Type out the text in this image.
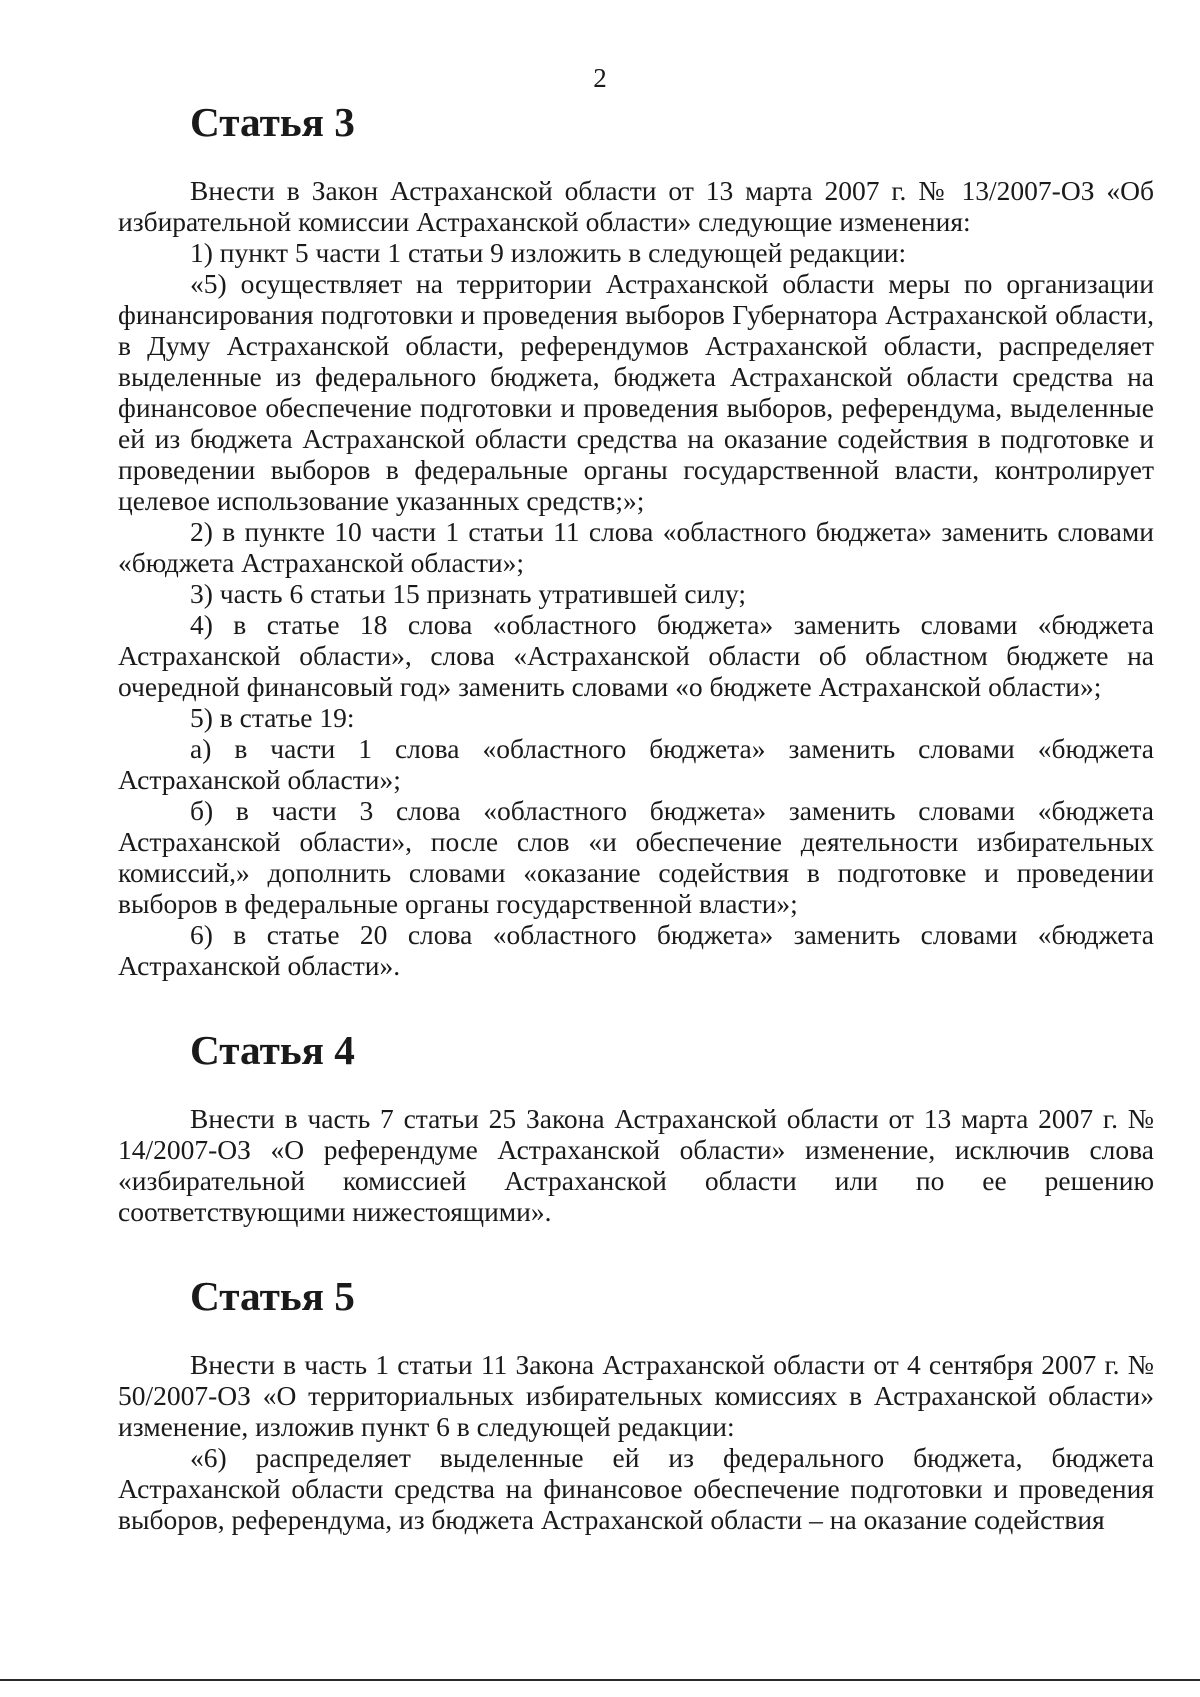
2
Статья 3

Внести в Закон Астраханской области от 13 марта 2007 г. № 13/2007-ОЗ «Об избирательной комиссии Астраханской области» следующие изменения:

1) пункт 5 части 1 статьи 9 изложить в следующей редакции:

«5) осуществляет на территории Астраханской области меры по организации финансирования подготовки и проведения выборов Губернатора Астраханской области, в Думу Астраханской области, референдумов Астраханской области, распределяет выделенные из федерального бюджета, бюджета Астраханской области средства на финансовое обеспечение подготовки и проведения выборов, референдума, выделенные ей из бюджета Астраханской области средства на оказание содействия в подготовке и проведении выборов в федеральные органы государственной власти, контролирует целевое использование указанных средств;»;

2) в пункте 10 части 1 статьи 11 слова «областного бюджета» заменить словами «бюджета Астраханской области»;

3) часть 6 статьи 15 признать утратившей силу;

4) в статье 18 слова «областного бюджета» заменить словами «бюджета Астраханской области», слова «Астраханской области об областном бюджете на очередной финансовый год» заменить словами «о бюджете Астраханской области»;

5) в статье 19:

а) в части 1 слова «областного бюджета» заменить словами «бюджета Астраханской области»;

б) в части 3 слова «областного бюджета» заменить словами «бюджета Астраханской области», после слов «и обеспечение деятельности избирательных комиссий,» дополнить словами «оказание содействия в подготовке и проведении выборов в федеральные органы государственной власти»;

6) в статье 20 слова «областного бюджета» заменить словами «бюджета Астраханской области».

Статья 4

Внести в часть 7 статьи 25 Закона Астраханской области от 13 марта 2007 г. № 14/2007-ОЗ «О референдуме Астраханской области» изменение, исключив слова «избирательной комиссией Астраханской области или по ее решению соответствующими нижестоящими».

Статья 5

Внести в часть 1 статьи 11 Закона Астраханской области от 4 сентября 2007 г. № 50/2007-ОЗ «О территориальных избирательных комиссиях в Астраханской области» изменение, изложив пункт 6 в следующей редакции:

«6) распределяет выделенные ей из федерального бюджета, бюджета Астраханской области средства на финансовое обеспечение подготовки и проведения выборов, референдума, из бюджета Астраханской области – на оказание содействия
